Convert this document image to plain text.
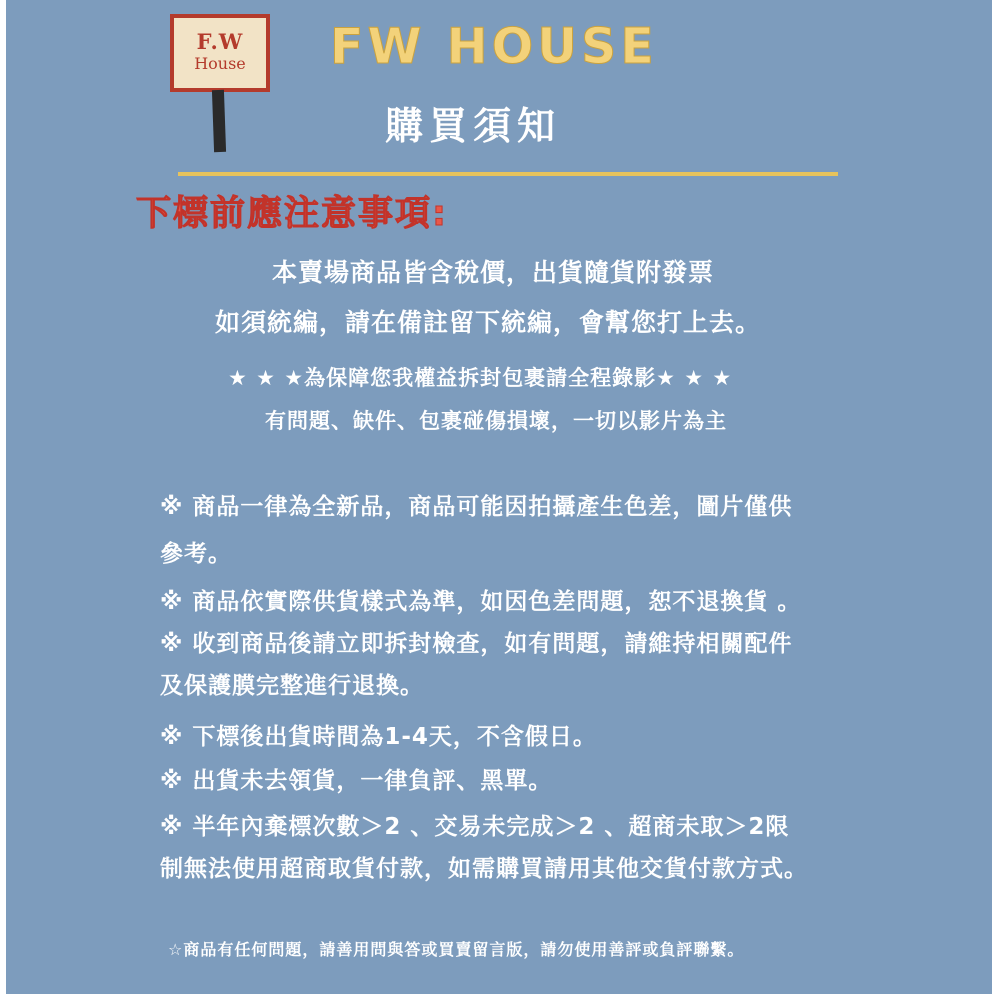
F.W
House FW HOUSE
購買須知
下標前應注意事項:
本賣場商品皆含稅價，出貨隨貨附發票
如須統編，請在備註留下統編，會幫您打上去。
★ ★ ★為保障您我權益拆封包裹請全程錄影★ ★ ★
有問題、缺件、包裹碰傷損壞，一切以影片為主
※ 商品一律為全新品，商品可能因拍攝產生色差，圖片僅供
參考。
※ 商品依實際供貨樣式為準，如因色差問題，恕不退換貨 。
※ 收到商品後請立即拆封檢查，如有問題，請維持相關配件
及保護膜完整進行退換。
※ 下標後出貨時間為1-4天，不含假日。
※ 出貨未去領貨，一律負評、黑單。
※ 半年內棄標次數＞2 、交易未完成＞2 、超商未取＞2限
制無法使用超商取貨付款，如需購買請用其他交貨付款方式。
☆商品有任何問題，請善用問與答或買賣留言版，請勿使用善評或負評聯繫。
